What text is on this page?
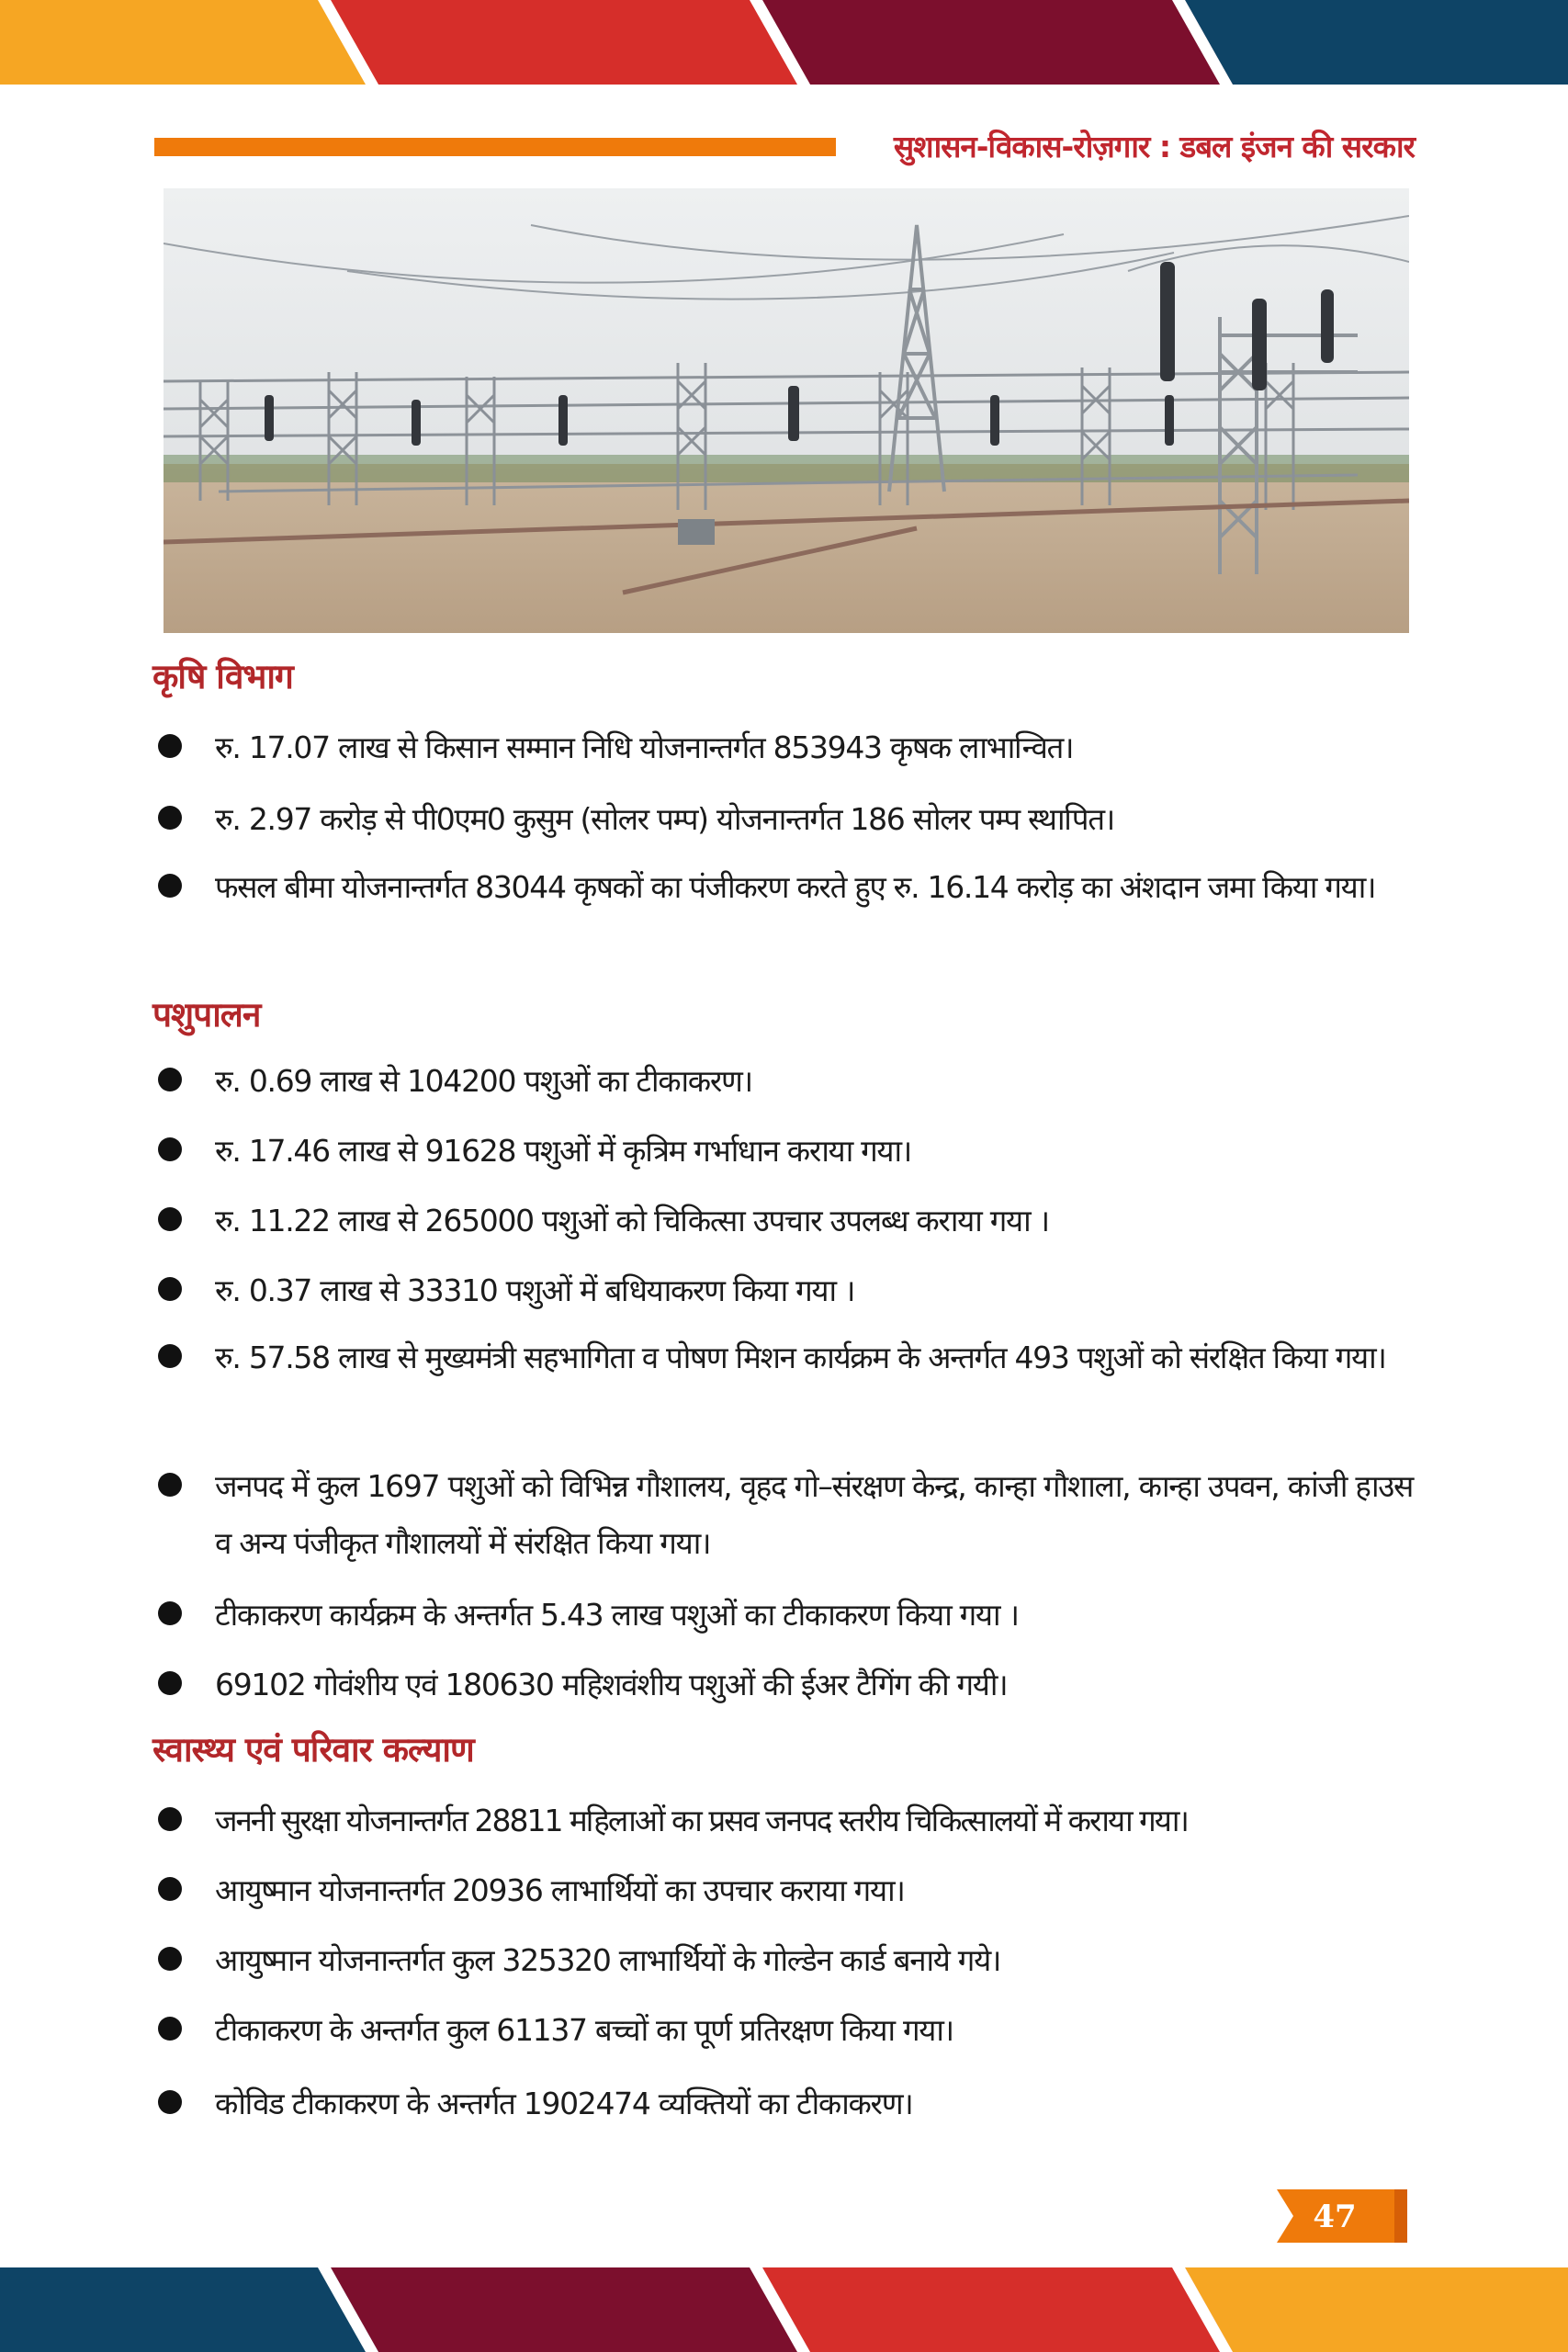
सुशासन-विकास-रोज़गार : डबल इंजन की सरकार
कृषि विभाग
रु. 17.07 लाख से किसान सम्मान निधि योजनान्तर्गत 853943 कृषक लाभान्वित।
रु. 2.97 करोड़ से पी0एम0 कुसुम (सोलर पम्प) योजनान्तर्गत 186 सोलर पम्प स्थापित।
फसल बीमा योजनान्तर्गत 83044 कृषकों का पंजीकरण करते हुए रु. 16.14 करोड़ का अंशदान जमा किया गया।
पशुपालन
रु. 0.69 लाख से 104200 पशुओं का टीकाकरण।
रु. 17.46 लाख से 91628 पशुओं में कृत्रिम गर्भाधान कराया गया।
रु. 11.22 लाख से 265000 पशुओं को चिकित्सा उपचार उपलब्ध कराया गया ।
रु. 0.37 लाख से 33310 पशुओं में बधियाकरण किया गया ।
रु. 57.58 लाख से मुख्यमंत्री सहभागिता व पोषण मिशन कार्यक्रम के अन्तर्गत 493 पशुओं को संरक्षित किया गया।
जनपद में कुल 1697 पशुओं को विभिन्न गौशालय, वृहद गो–संरक्षण केन्द्र, कान्हा गौशाला, कान्हा उपवन, कांजी हाउस व अन्य पंजीकृत गौशालयों में संरक्षित किया गया।
टीकाकरण कार्यक्रम के अन्तर्गत 5.43 लाख पशुओं का टीकाकरण किया गया ।
69102 गोवंशीय एवं 180630 महिशवंशीय पशुओं की ईअर टैगिंग की गयी।
स्वास्थ्य एवं परिवार कल्याण
जननी सुरक्षा योजनान्तर्गत 28811 महिलाओं का प्रसव जनपद स्तरीय चिकित्सालयों में कराया गया।
आयुष्मान योजनान्तर्गत 20936 लाभार्थियों का उपचार कराया गया।
आयुष्मान योजनान्तर्गत कुल 325320 लाभार्थियों के गोल्डेन कार्ड बनाये गये।
टीकाकरण के अन्तर्गत कुल 61137 बच्चों का पूर्ण प्रतिरक्षण किया गया।
कोविड टीकाकरण के अन्तर्गत 1902474 व्यक्तियों का टीकाकरण।
47
